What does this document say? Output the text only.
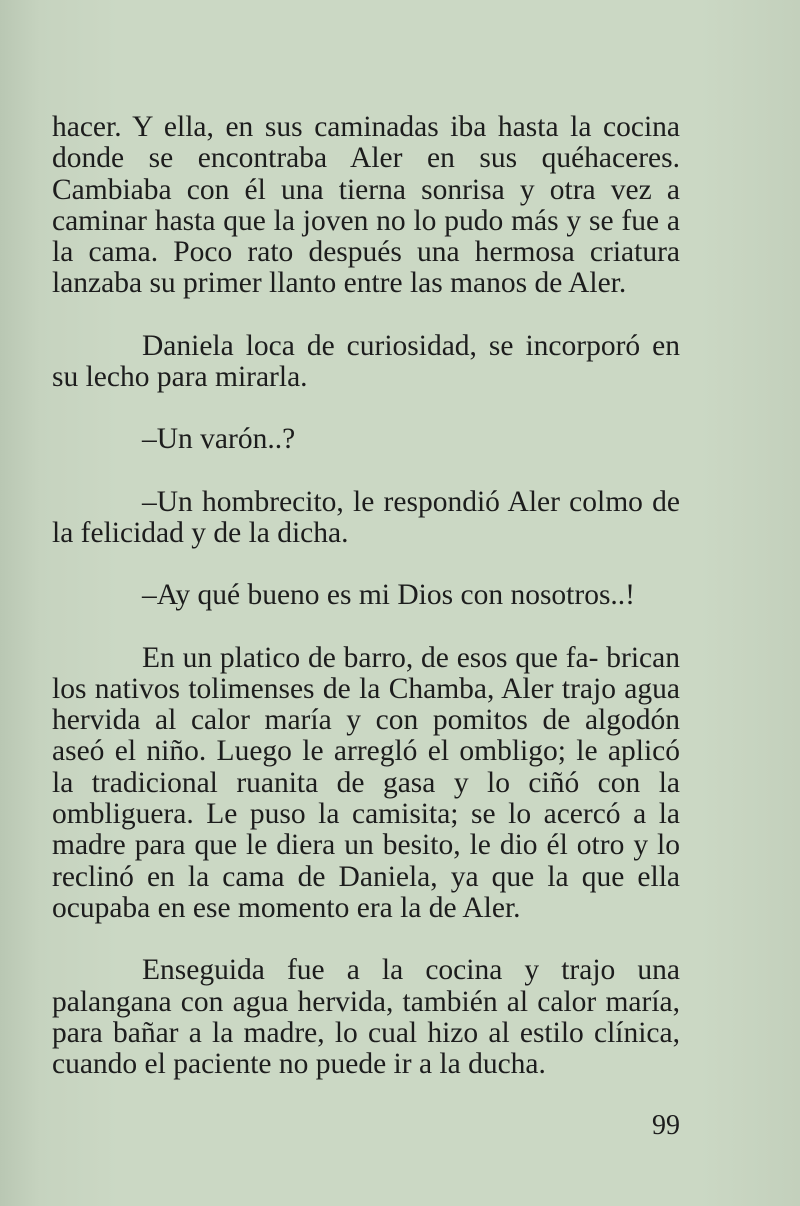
hacer. Y ella, en sus caminadas iba hasta la cocina donde se encontraba Aler en sus quéhaceres. Cambiaba con él una tierna sonrisa y otra vez a caminar hasta que la joven no lo pudo más y se fue a la cama. Poco rato después una hermosa criatura lanzaba su primer llanto entre las manos de Aler.

Daniela loca de curiosidad, se incorporó en su lecho para mirarla.

–Un varón..?

–Un hombrecito, le respondió Aler colmo de la felicidad y de la dicha.

–Ay qué bueno es mi Dios con nosotros..!

En un platico de barro, de esos que fa- brican los nativos tolimenses de la Chamba, Aler trajo agua hervida al calor maría y con pomitos de algodón aseó el niño. Luego le arregló el ombligo; le aplicó la tradicional ruanita de gasa y lo ciñó con la ombliguera. Le puso la camisita; se lo acercó a la madre para que le diera un besito, le dio él otro y lo reclinó en la cama de Daniela, ya que la que ella ocupaba en ese momento era la de Aler.

Enseguida fue a la cocina y trajo una palangana con agua hervida, también al calor maría, para bañar a la madre, lo cual hizo al estilo clínica, cuando el paciente no puede ir a la ducha.

99
